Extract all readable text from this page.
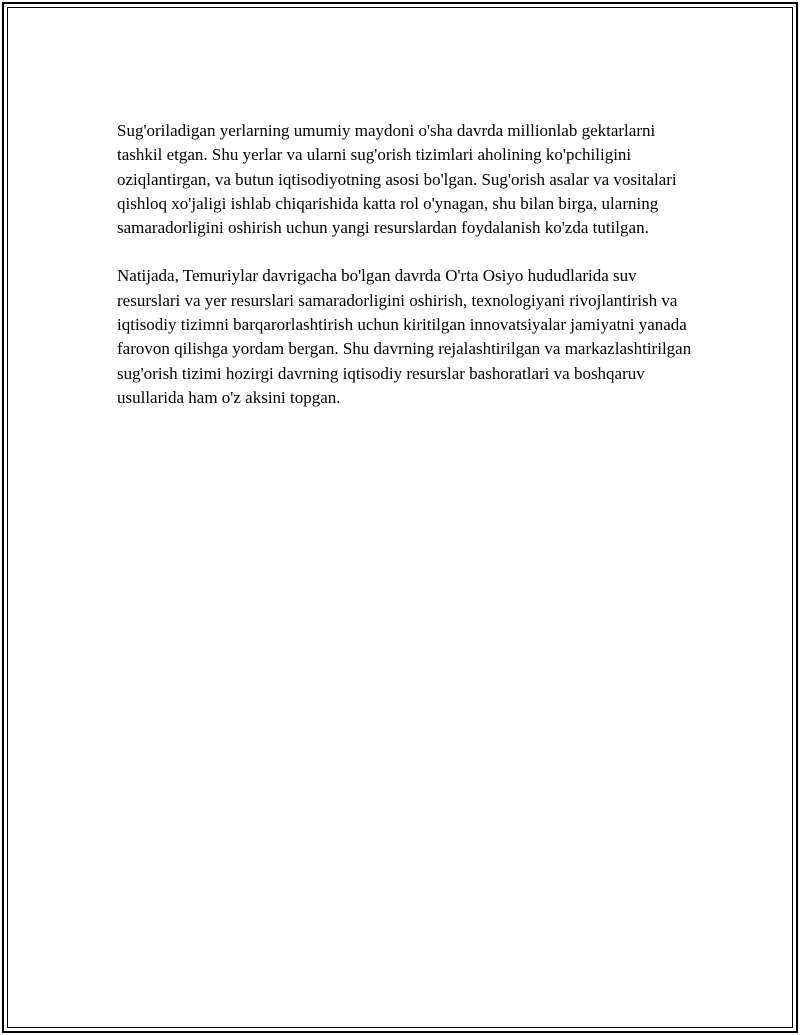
Sug'oriladigan yerlarning umumiy maydoni o'sha davrda millionlab gektarlarni tashkil etgan. Shu yerlar va ularni sug'orish tizimlari aholining ko'pchiligini oziqlantirgan, va butun iqtisodiyotning asosi bo'lgan. Sug'orish asalar va vositalari qishloq xo'jaligi ishlab chiqarishida katta rol o'ynagan, shu bilan birga, ularning samaradorligini oshirish uchun yangi resurslardan foydalanish ko'zda tutilgan.

Natijada, Temuriylar davrigacha bo'lgan davrda O'rta Osiyo hududlarida suv resurslari va yer resurslari samaradorligini oshirish, texnologiyani rivojlantirish va iqtisodiy tizimni barqarorlashtirish uchun kiritilgan innovatsiyalar jamiyatni yanada farovon qilishga yordam bergan. Shu davrning rejalashtirilgan va markazlashtirilgan sug'orish tizimi hozirgi davrning iqtisodiy resurslar bashoratlari va boshqaruv usullarida ham o'z aksini topgan.
